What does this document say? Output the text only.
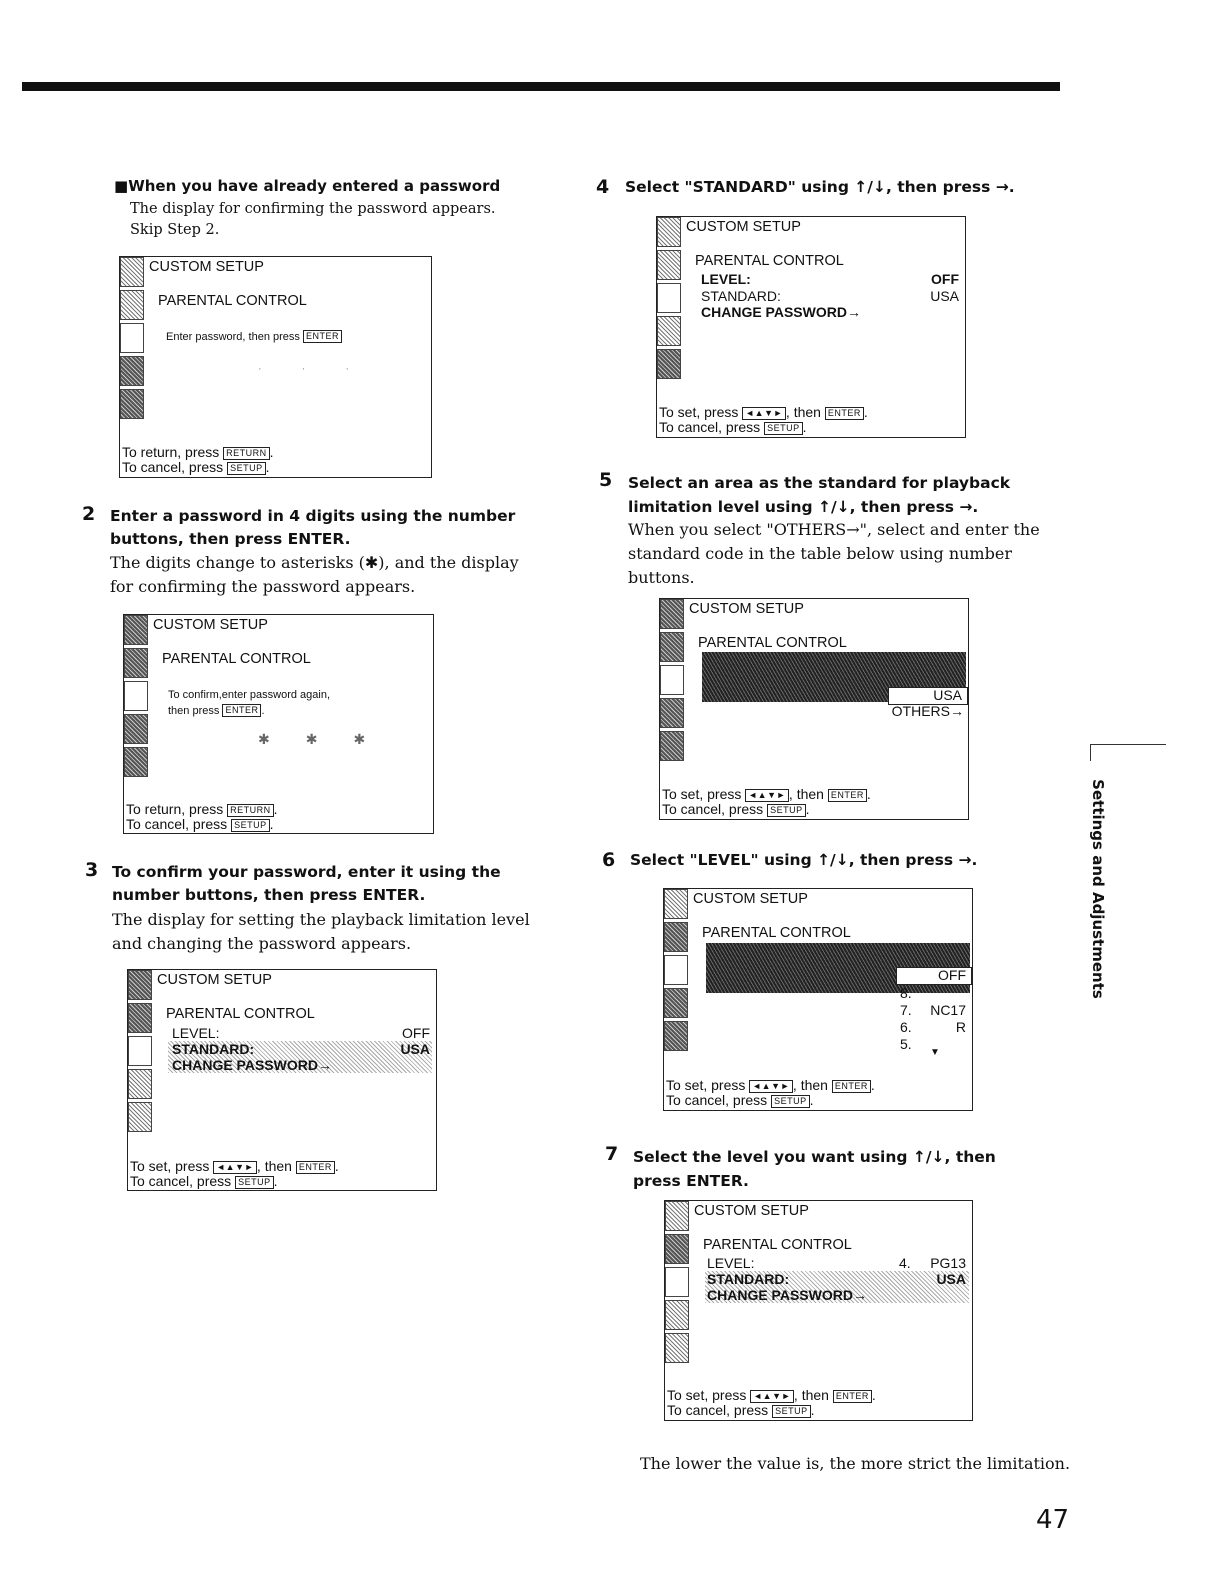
■When you have already entered a password
The display for confirming the password appears. Skip Step 2.
CUSTOM SETUP
PARENTAL CONTROL
Enter password, then press ENTER
···
To return, press RETURN .
To cancel, press SETUP .
2 Enter a password in 4 digits using the number buttons, then press ENTER.
The digits change to asterisks (✱), and the display for confirming the password appears.
CUSTOM SETUP
PARENTAL CONTROL
To confirm,enter password again,
then press ENTER .
✱✱✱
To return, press RETURN .
To cancel, press SETUP .
3 To confirm your password, enter it using the number buttons, then press ENTER.
The display for setting the playback limitation level and changing the password appears.
CUSTOM SETUP
PARENTAL CONTROL
LEVEL:	OFF
STANDARD:	USA
CHANGE PASSWORD→
To set, press ◄▲▼► , then ENTER .
To cancel, press SETUP .
4 Select "STANDARD" using ↑/↓, then press →.
CUSTOM SETUP
PARENTAL CONTROL
LEVEL:	OFF
STANDARD:	USA
CHANGE PASSWORD→
To set, press ◄▲▼► , then ENTER .
To cancel, press SETUP .
5 Select an area as the standard for playback limitation level using ↑/↓, then press →.
When you select "OTHERS→", select and enter the standard code in the table below using number buttons.
CUSTOM SETUP
PARENTAL CONTROL
USA
OTHERS→
To set, press ◄▲▼► , then ENTER .
To cancel, press SETUP .
6 Select "LEVEL" using ↑/↓, then press →.
CUSTOM SETUP
PARENTAL CONTROL
OFF
8.
7. NC17
6.	R
5.
▼
To set, press ◄▲▼► , then ENTER .
To cancel, press SETUP .
7 Select the level you want using ↑/↓, then press ENTER.
CUSTOM SETUP
PARENTAL CONTROL
LEVEL:	4. PG13
STANDARD:	USA
CHANGE PASSWORD→
To set, press ◄▲▼► , then ENTER .
To cancel, press SETUP .
The lower the value is, the more strict the limitation.
Settings and Adjustments
47
